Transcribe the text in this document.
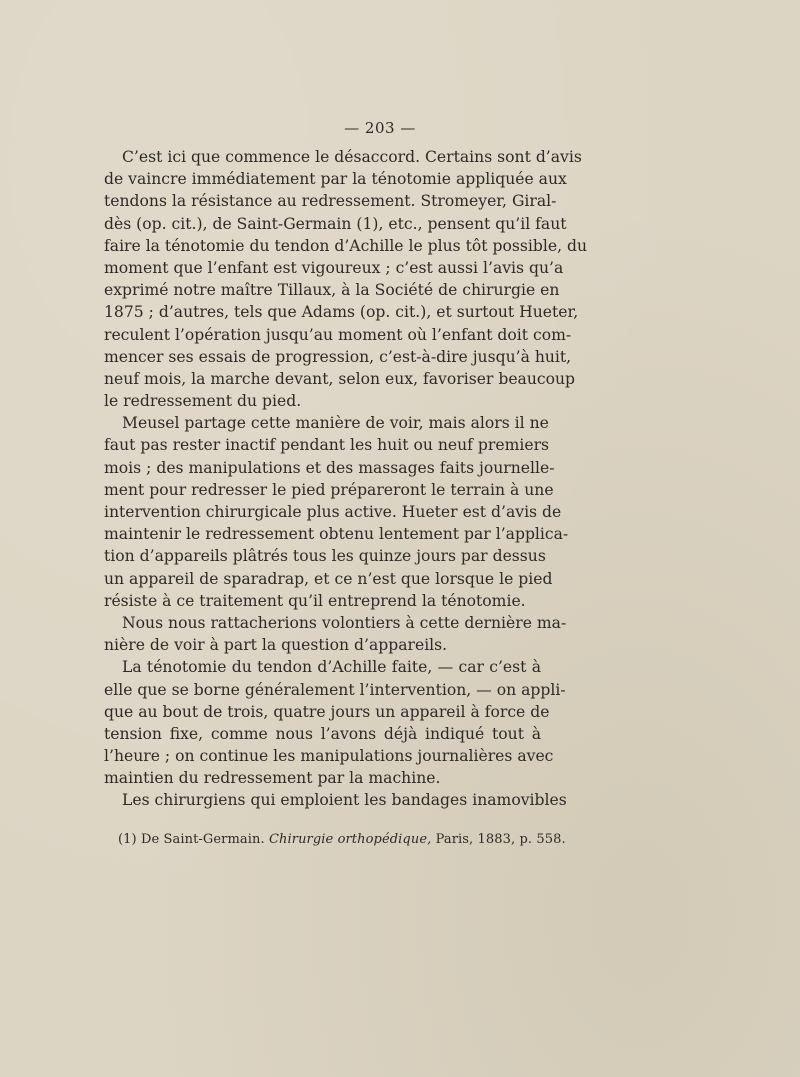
— 203 —
C’est ici que commence le désaccord. Certains sont d’avis
de vaincre immédiatement par la ténotomie appliquée aux
tendons la résistance au redressement. Stromeyer, Giral-
dès (op. cit.), de Saint-Germain (1), etc., pensent qu’il faut
faire la ténotomie du tendon d’Achille le plus tôt possible, du
moment que l’enfant est vigoureux ; c’est aussi l’avis qu’a
exprimé notre maître Tillaux, à la Société de chirurgie en
1875 ; d’autres, tels que Adams (op. cit.), et surtout Hueter,
reculent l’opération jusqu’au moment où l’enfant doit com-
mencer ses essais de progression, c’est-à-dire jusqu’à huit,
neuf mois, la marche devant, selon eux, favoriser beaucoup
le redressement du pied.
Meusel partage cette manière de voir, mais alors il ne
faut pas rester inactif pendant les huit ou neuf premiers
mois ; des manipulations et des massages faits journelle-
ment pour redresser le pied prépareront le terrain à une
intervention chirurgicale plus active. Hueter est d’avis de
maintenir le redressement obtenu lentement par l’applica-
tion d’appareils plâtrés tous les quinze jours par dessus
un appareil de sparadrap, et ce n’est que lorsque le pied
résiste à ce traitement qu’il entreprend la ténotomie.
Nous nous rattacherions volontiers à cette dernière ma-
nière de voir à part la question d’appareils.
La ténotomie du tendon d’Achille faite, — car c’est à
elle que se borne généralement l’intervention, — on appli-
que au bout de trois, quatre jours un appareil à force de
tension fixe, comme nous l’avons déjà indiqué tout à
l’heure ; on continue les manipulations journalières avec
maintien du redressement par la machine.
Les chirurgiens qui emploient les bandages inamovibles
(1) De Saint-Germain. Chirurgie orthopédique, Paris, 1883, p. 558.
